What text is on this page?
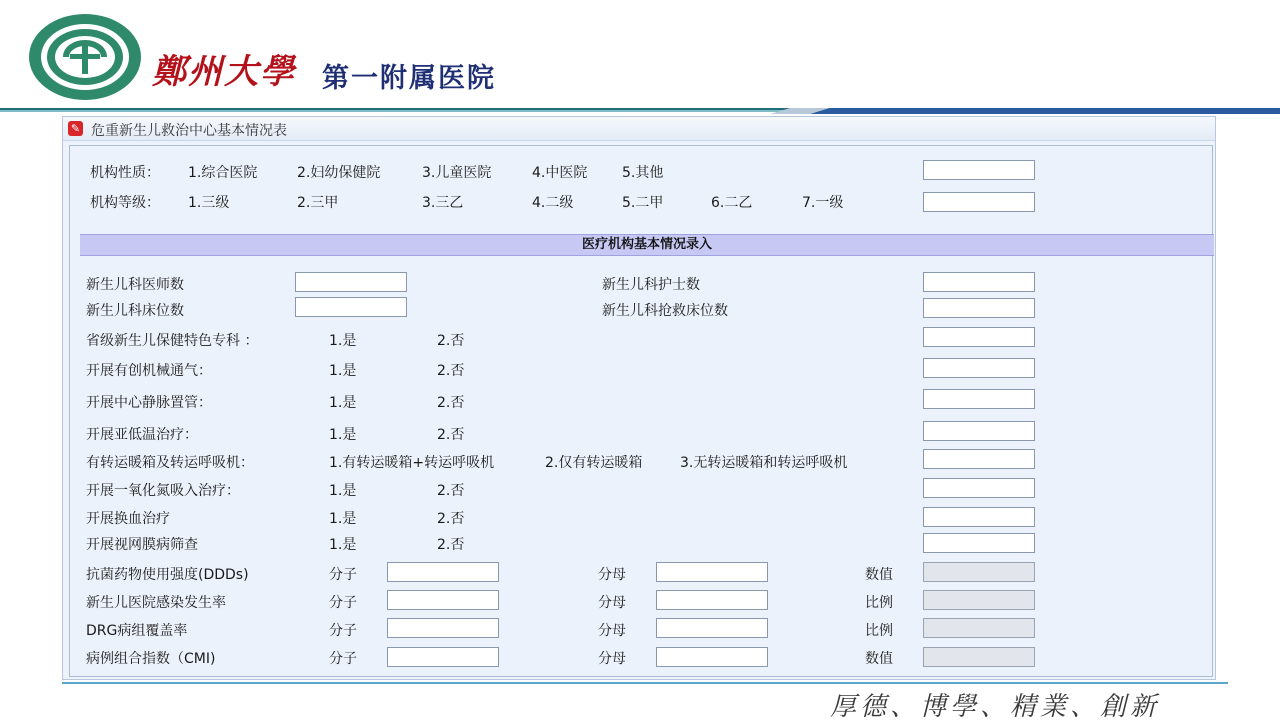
鄭州大學 第一附属医院
✎ 危重新生儿救治中心基本情况表
机构性质： 1.综合医院	2.妇幼保健院	3.儿童医院	4.中医院 5.其他
机构等级： 1.三级	2.三甲	3.三乙	4.二级	5.二甲	6.二乙	7.一级
医疗机构基本情况录入
新生儿科医师数	新生儿科护士数
新生儿科床位数	新生儿科抢救床位数
省级新生儿保健特色专科 ：	1.是	2.否
开展有创机械通气：	1.是	2.否
开展中心静脉置管：	1.是	2.否
开展亚低温治疗：	1.是	2.否
有转运暖箱及转运呼吸机：	1.有转运暖箱+转运呼吸机	2.仅有转运暖箱	3.无转运暖箱和转运呼吸机
开展一氧化氮吸入治疗：	1.是	2.否
开展换血治疗	1.是	2.否
开展视网膜病筛查	1.是	2.否
抗菌药物使用强度(DDDs)	分子	分母	数值
新生儿医院感染发生率	分子	分母	比例
DRG病组覆盖率	分子	分母	比例
病例组合指数（CMI)	分子	分母	数值
厚德、博學、精業、創新
